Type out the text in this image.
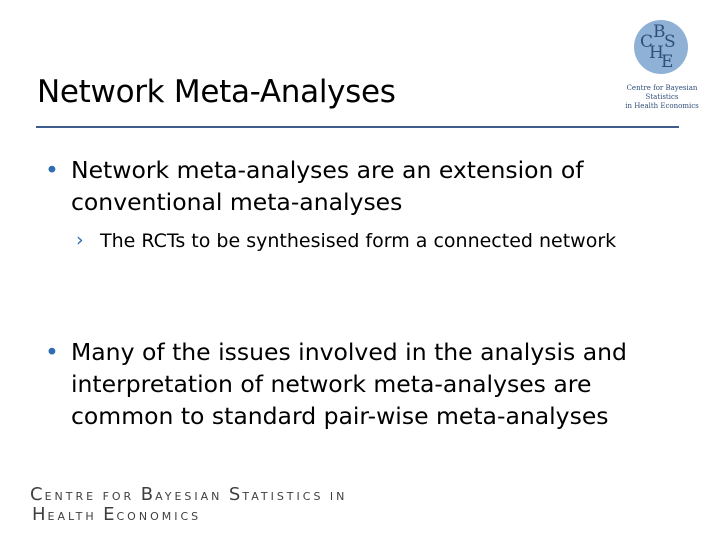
Network Meta-Analyses
B
C S
H
E
Centre for Bayesian Statistics
in Health Economics
• Network meta-analyses are an extension of conventional meta-analyses
› The RCTs to be synthesised form a connected network
• Many of the issues involved in the analysis and interpretation of network meta-analyses are common to standard pair-wise meta-analyses
CENTRE FOR BAYESIAN STATISTICS IN
HEALTH ECONOMICS
